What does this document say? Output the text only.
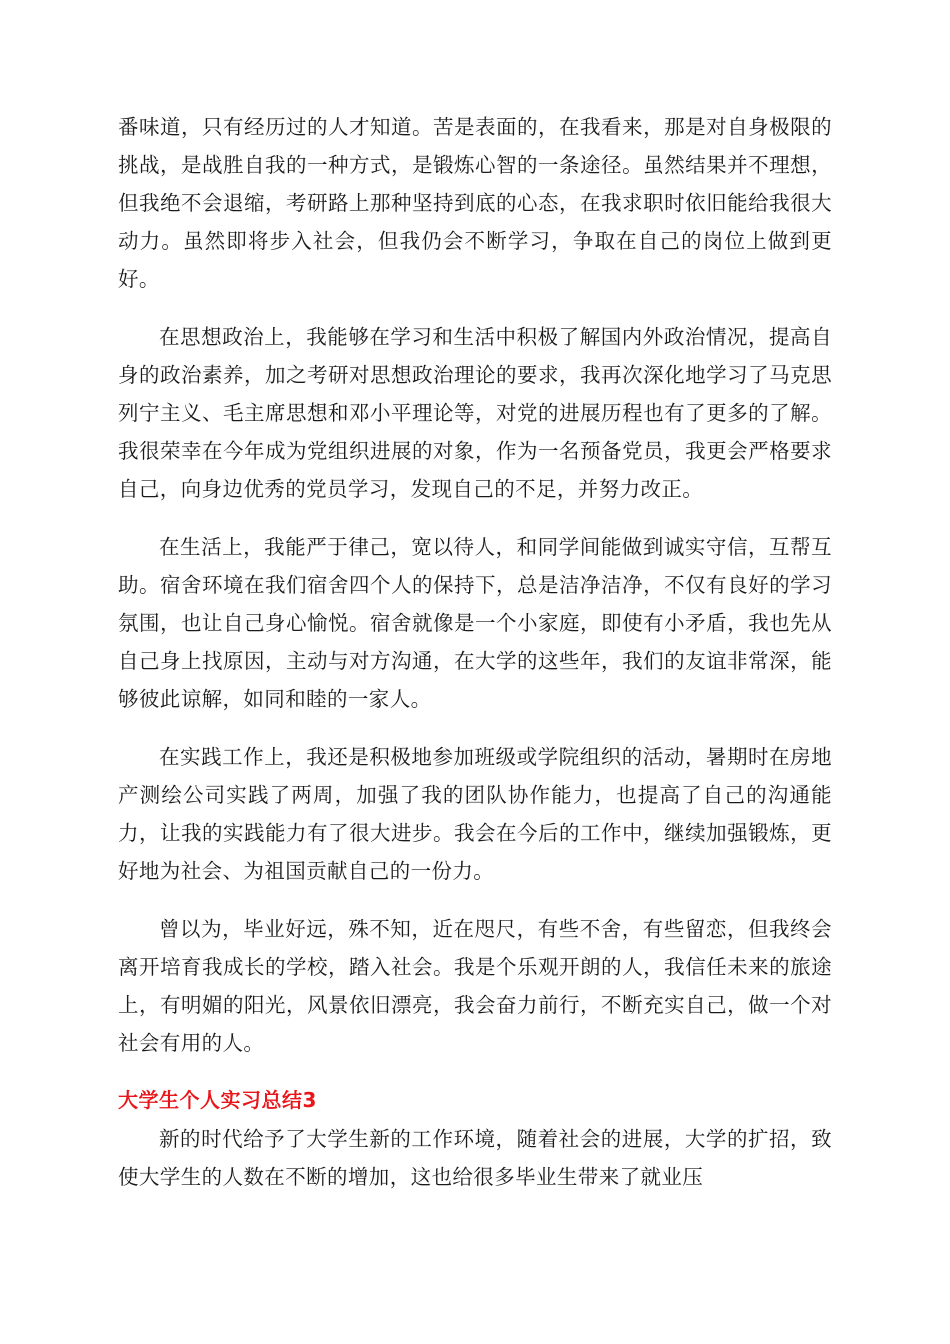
番味道，只有经历过的人才知道。苦是表面的，在我看来，那是对自身极限的挑战，是战胜自我的一种方式，是锻炼心智的一条途径。虽然结果并不理想，但我绝不会退缩，考研路上那种坚持到底的心态，在我求职时依旧能给我很大动力。虽然即将步入社会，但我仍会不断学习，争取在自己的岗位上做到更好。

在思想政治上，我能够在学习和生活中积极了解国内外政治情况，提高自身的政治素养，加之考研对思想政治理论的要求，我再次深化地学习了马克思列宁主义、毛主席思想和邓小平理论等，对党的进展历程也有了更多的了解。我很荣幸在今年成为党组织进展的对象，作为一名预备党员，我更会严格要求自己，向身边优秀的党员学习，发现自己的不足，并努力改正。

在生活上，我能严于律己，宽以待人，和同学间能做到诚实守信，互帮互助。宿舍环境在我们宿舍四个人的保持下，总是洁净洁净，不仅有良好的学习氛围，也让自己身心愉悦。宿舍就像是一个小家庭，即使有小矛盾，我也先从自己身上找原因，主动与对方沟通，在大学的这些年，我们的友谊非常深，能够彼此谅解，如同和睦的一家人。

在实践工作上，我还是积极地参加班级或学院组织的活动，暑期时在房地产测绘公司实践了两周，加强了我的团队协作能力，也提高了自己的沟通能力，让我的实践能力有了很大进步。我会在今后的工作中，继续加强锻炼，更好地为社会、为祖国贡献自己的一份力。

曾以为，毕业好远，殊不知，近在咫尺，有些不舍，有些留恋，但我终会离开培育我成长的学校，踏入社会。我是个乐观开朗的人，我信任未来的旅途上，有明媚的阳光，风景依旧漂亮，我会奋力前行，不断充实自己，做一个对社会有用的人。

大学生个人实习总结3

新的时代给予了大学生新的工作环境，随着社会的进展，大学的扩招，致使大学生的人数在不断的增加，这也给很多毕业生带来了就业压
